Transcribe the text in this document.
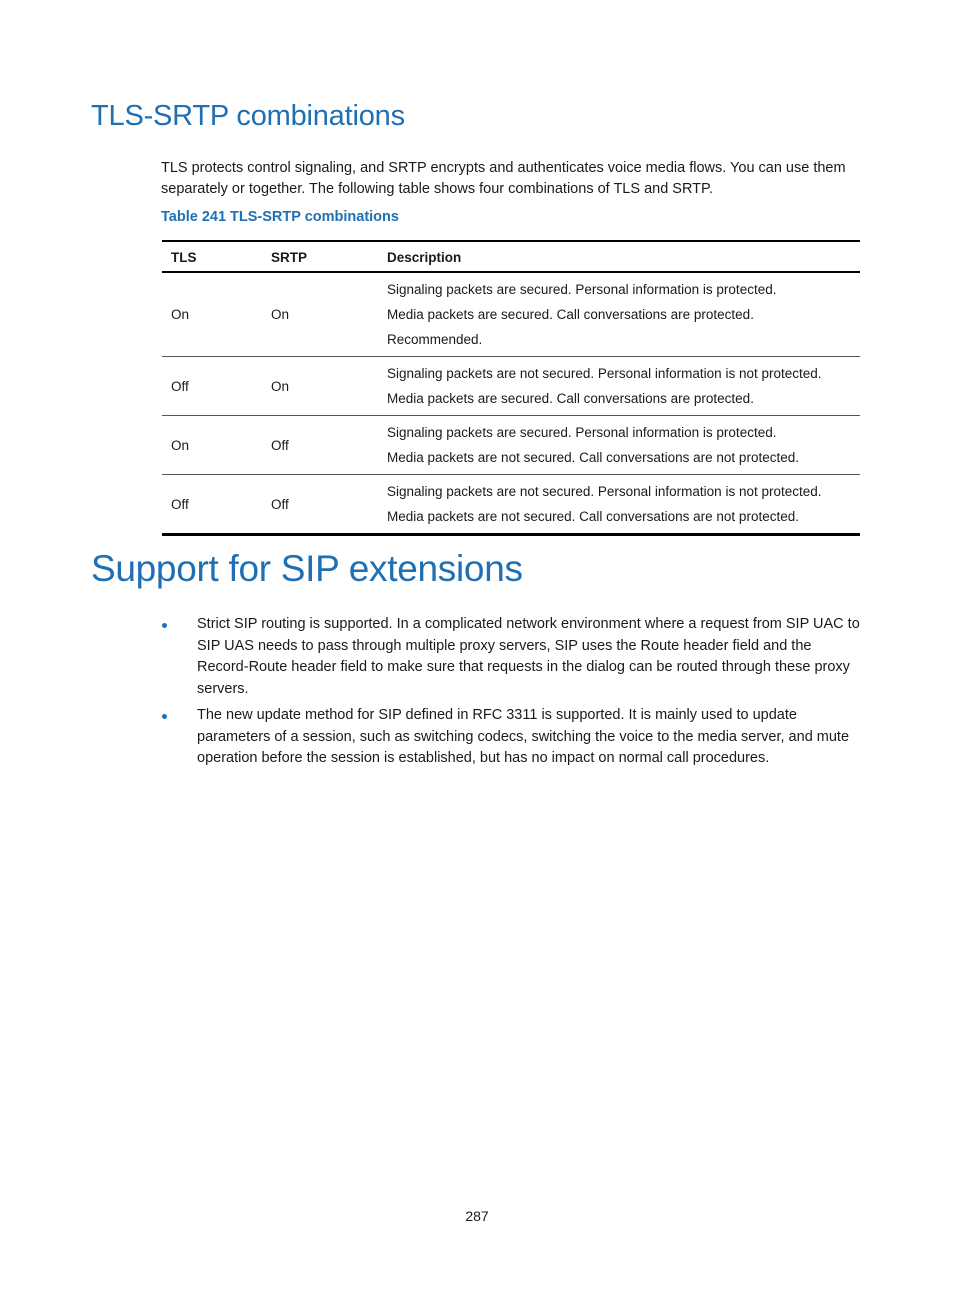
TLS-SRTP combinations
TLS protects control signaling, and SRTP encrypts and authenticates voice media flows. You can use them separately or together. The following table shows four combinations of TLS and SRTP.
Table 241 TLS-SRTP combinations
TLS	SRTP	Description
On	On	Signaling packets are secured. Personal information is protected.
Media packets are secured. Call conversations are protected.
Recommended.

Off	On	Signaling packets are not secured. Personal information is not protected.
Media packets are secured. Call conversations are protected.

On	Off	Signaling packets are secured. Personal information is protected.
Media packets are not secured. Call conversations are not protected.

Off	Off	Signaling packets are not secured. Personal information is not protected.
Media packets are not secured. Call conversations are not protected.
Support for SIP extensions
Strict SIP routing is supported. In a complicated network environment where a request from SIP UAC to SIP UAS needs to pass through multiple proxy servers, SIP uses the Route header field and the Record-Route header field to make sure that requests in the dialog can be routed through these proxy servers.
The new update method for SIP defined in RFC 3311 is supported. It is mainly used to update parameters of a session, such as switching codecs, switching the voice to the media server, and mute operation before the session is established, but has no impact on normal call procedures.
287
